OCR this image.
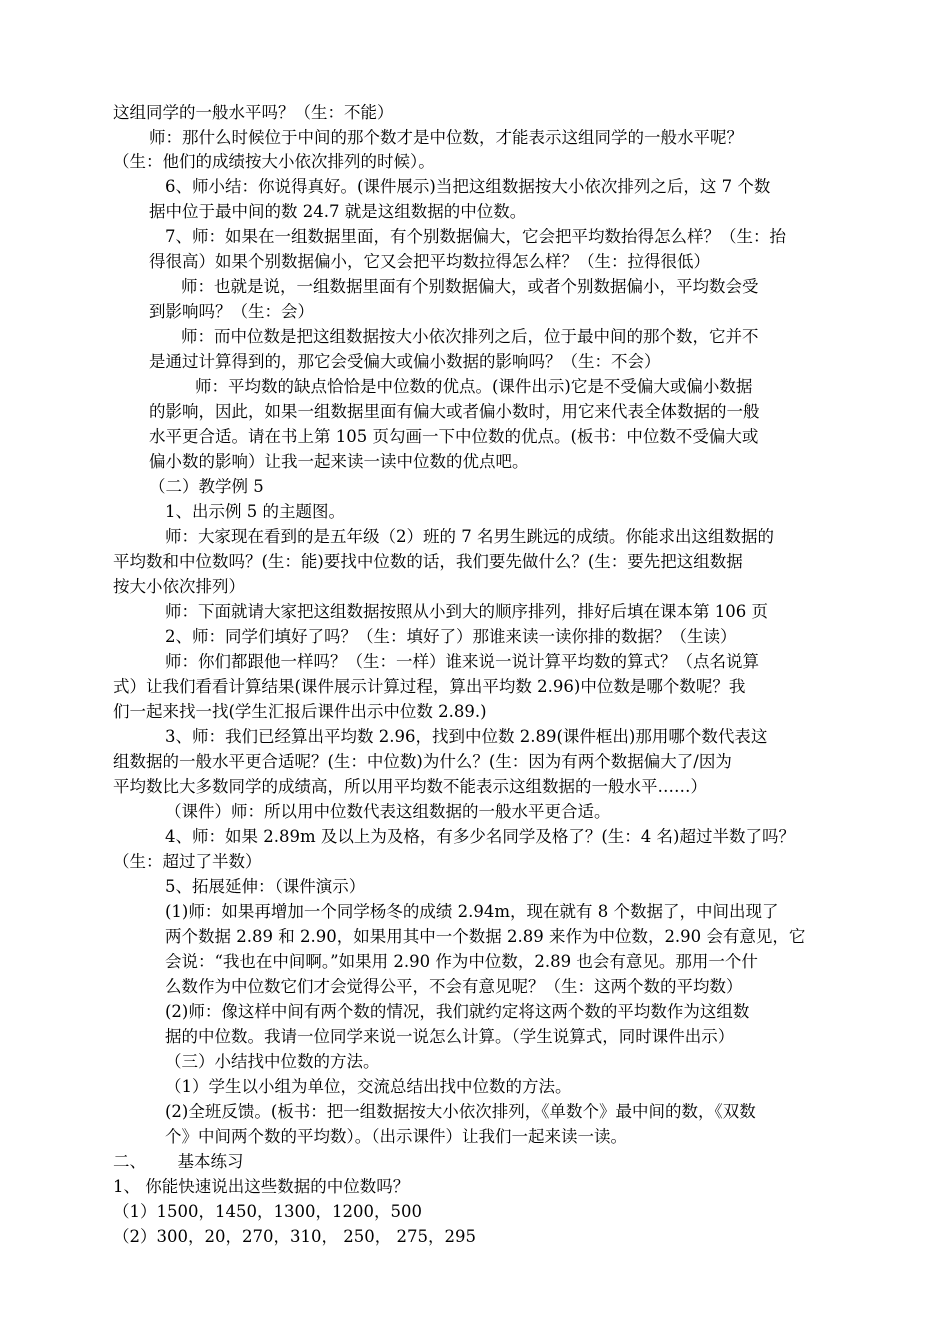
这组同学的一般水平吗？（生：不能）
师：那什么时候位于中间的那个数才是中位数，才能表示这组同学的一般水平呢？
（生：他们的成绩按大小依次排列的时候）。
6、师小结：你说得真好。(课件展示)当把这组数据按大小依次排列之后，这 7 个数
据中位于最中间的数 24.7 就是这组数据的中位数。
7、师：如果在一组数据里面，有个别数据偏大，它会把平均数抬得怎么样？（生：抬
得很高）如果个别数据偏小，它又会把平均数拉得怎么样？（生：拉得很低）
师：也就是说，一组数据里面有个别数据偏大，或者个别数据偏小，平均数会受
到影响吗？（生：会）
师：而中位数是把这组数据按大小依次排列之后，位于最中间的那个数，它并不
是通过计算得到的，那它会受偏大或偏小数据的影响吗？（生：不会）
师：平均数的缺点恰恰是中位数的优点。(课件出示)它是不受偏大或偏小数据
的影响，因此，如果一组数据里面有偏大或者偏小数时，用它来代表全体数据的一般
水平更合适。请在书上第 105 页勾画一下中位数的优点。(板书：中位数不受偏大或
偏小数的影响）让我一起来读一读中位数的优点吧。
（二）教学例 5
1、出示例 5 的主题图。
师：大家现在看到的是五年级（2）班的 7 名男生跳远的成绩。你能求出这组数据的
平均数和中位数吗？(生：能)要找中位数的话，我们要先做什么？(生：要先把这组数据
按大小依次排列）
师：下面就请大家把这组数据按照从小到大的顺序排列，排好后填在课本第 106 页
2、师：同学们填好了吗？（生：填好了）那谁来读一读你排的数据？（生读）
师：你们都跟他一样吗？（生：一样）谁来说一说计算平均数的算式？（点名说算
式）让我们看看计算结果(课件展示计算过程，算出平均数 2.96)中位数是哪个数呢？我
们一起来找一找(学生汇报后课件出示中位数 2.89.)
3、师：我们已经算出平均数 2.96，找到中位数 2.89(课件框出)那用哪个数代表这
组数据的一般水平更合适呢？(生：中位数)为什么？(生：因为有两个数据偏大了/因为
平均数比大多数同学的成绩高，所以用平均数不能表示这组数据的一般水平……）
（课件）师：所以用中位数代表这组数据的一般水平更合适。
4、师：如果 2.89m 及以上为及格，有多少名同学及格了？(生：4 名)超过半数了吗？
（生：超过了半数）
5、拓展延伸：（课件演示）
(1)师：如果再增加一个同学杨冬的成绩 2.94m，现在就有 8 个数据了，中间出现了
两个数据 2.89 和 2.90，如果用其中一个数据 2.89 来作为中位数，2.90 会有意见，它
会说：“我也在中间啊。”如果用 2.90 作为中位数，2.89 也会有意见。那用一个什
么数作为中位数它们才会觉得公平，不会有意见呢？（生：这两个数的平均数）
(2)师：像这样中间有两个数的情况，我们就约定将这两个数的平均数作为这组数
据的中位数。我请一位同学来说一说怎么计算。（学生说算式，同时课件出示）
（三）小结找中位数的方法。
（1）学生以小组为单位，交流总结出找中位数的方法。
(2)全班反馈。(板书：把一组数据按大小依次排列，《单数个》最中间的数，《双数
个》中间两个数的平均数）。（出示课件）让我们一起来读一读。
二、      基本练习
1、 你能快速说出这些数据的中位数吗？
（1）1500，1450，1300，1200，500
（2）300，20，270，310， 250， 275，295
